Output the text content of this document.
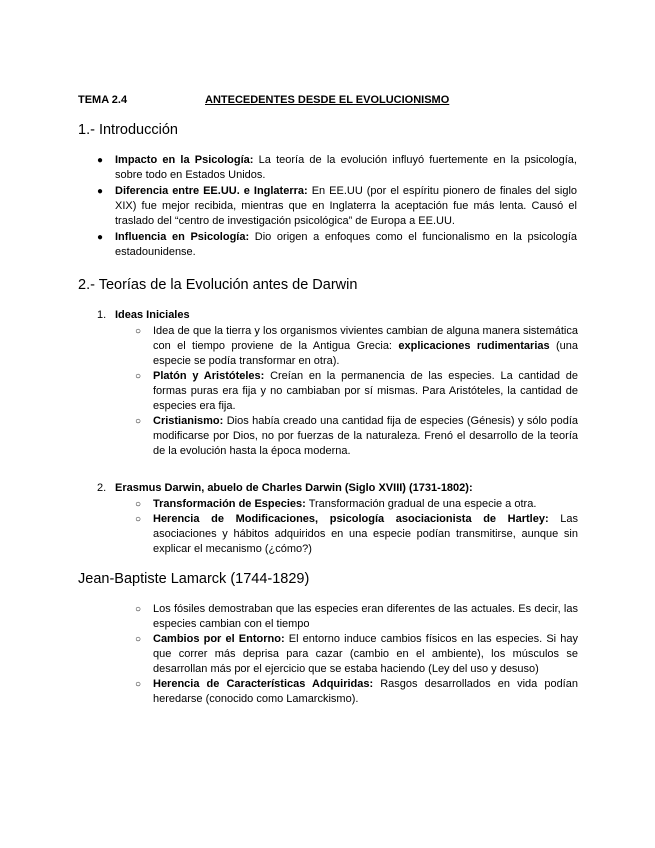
TEMA 2.4	ANTECEDENTES DESDE EL EVOLUCIONISMO
1.- Introducción
● Impacto en la Psicología: La teoría de la evolución influyó fuertemente en la psicología, sobre todo en Estados Unidos.
● Diferencia entre EE.UU. e Inglaterra: En EE.UU (por el espíritu pionero de finales del siglo XIX) fue mejor recibida, mientras que en Inglaterra la aceptación fue más lenta. Causó el traslado del “centro de investigación psicológica” de Europa a EE.UU.
● Influencia en Psicología: Dio origen a enfoques como el funcionalismo en la psicología estadounidense.
2.- Teorías de la Evolución antes de Darwin
1. Ideas Iniciales
○ Idea de que la tierra y los organismos vivientes cambian de alguna manera sistemática con el tiempo proviene de la Antigua Grecia: explicaciones rudimentarias (una especie se podía transformar en otra).
○ Platón y Aristóteles: Creían en la permanencia de las especies. La cantidad de formas puras era fija y no cambiaban por sí mismas. Para Aristóteles, la cantidad de especies era fija.
○ Cristianismo: Dios había creado una cantidad fija de especies (Génesis) y sólo podía modificarse por Dios, no por fuerzas de la naturaleza. Frenó el desarrollo de la teoría de la evolución hasta la época moderna.
2. Erasmus Darwin, abuelo de Charles Darwin (Siglo XVIII) (1731-1802):
○ Transformación de Especies: Transformación gradual de una especie a otra.
○ Herencia de Modificaciones, psicología asociacionista de Hartley: Las asociaciones y hábitos adquiridos en una especie podían transmitirse, aunque sin explicar el mecanismo (¿cómo?)
Jean-Baptiste Lamarck (1744-1829)
○ Los fósiles demostraban que las especies eran diferentes de las actuales. Es decir, las especies cambian con el tiempo
○ Cambios por el Entorno: El entorno induce cambios físicos en las especies. Si hay que correr más deprisa para cazar (cambio en el ambiente), los músculos se desarrollan más por el ejercicio que se estaba haciendo (Ley del uso y desuso)
○ Herencia de Características Adquiridas: Rasgos desarrollados en vida podían heredarse (conocido como Lamarckismo).
